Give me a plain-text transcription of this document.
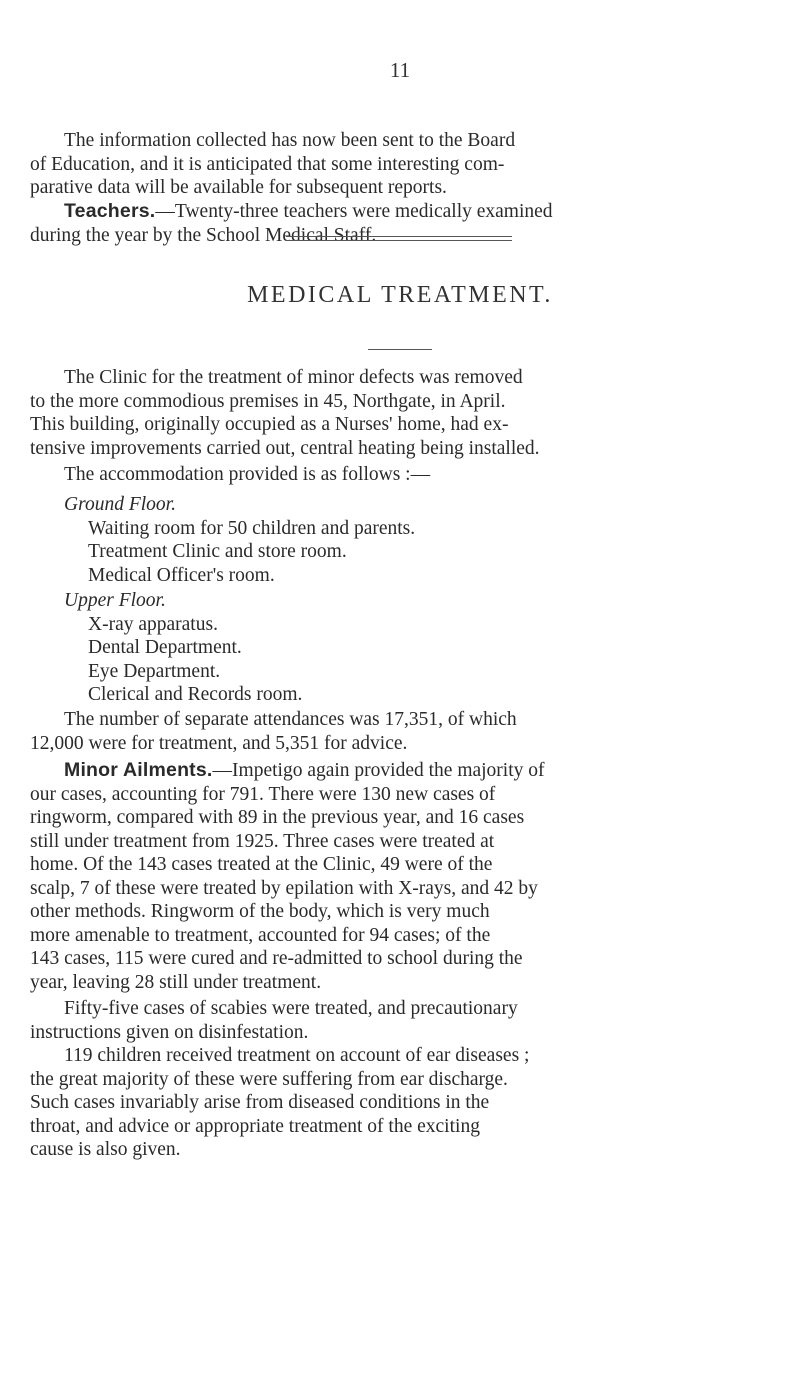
11
The information collected has now been sent to the Board
of Education, and it is anticipated that some interesting com-
parative data will be available for subsequent reports.
Teachers.—Twenty-three teachers were medically examined
during the year by the School Medical Staff.
MEDICAL TREATMENT.
The Clinic for the treatment of minor defects was removed
to the more commodious premises in 45, Northgate, in April.
This building, originally occupied as a Nurses' home, had ex-
tensive improvements carried out, central heating being installed.
The accommodation provided is as follows :—
Ground Floor.
Waiting room for 50 children and parents.
Treatment Clinic and store room.
Medical Officer's room.
Upper Floor.
X-ray apparatus.
Dental Department.
Eye Department.
Clerical and Records room.
The number of separate attendances was 17,351, of which
12,000 were for treatment, and 5,351 for advice.
Minor Ailments.—Impetigo again provided the majority of
our cases, accounting for 791. There were 130 new cases of
ringworm, compared with 89 in the previous year, and 16 cases
still under treatment from 1925. Three cases were treated at
home. Of the 143 cases treated at the Clinic, 49 were of the
scalp, 7 of these were treated by epilation with X-rays, and 42 by
other methods. Ringworm of the body, which is very much
more amenable to treatment, accounted for 94 cases; of the
143 cases, 115 were cured and re-admitted to school during the
year, leaving 28 still under treatment.
Fifty-five cases of scabies were treated, and precautionary
instructions given on disinfestation.
119 children received treatment on account of ear diseases ;
the great majority of these were suffering from ear discharge.
Such cases invariably arise from diseased conditions in the
throat, and advice or appropriate treatment of the exciting
cause is also given.
